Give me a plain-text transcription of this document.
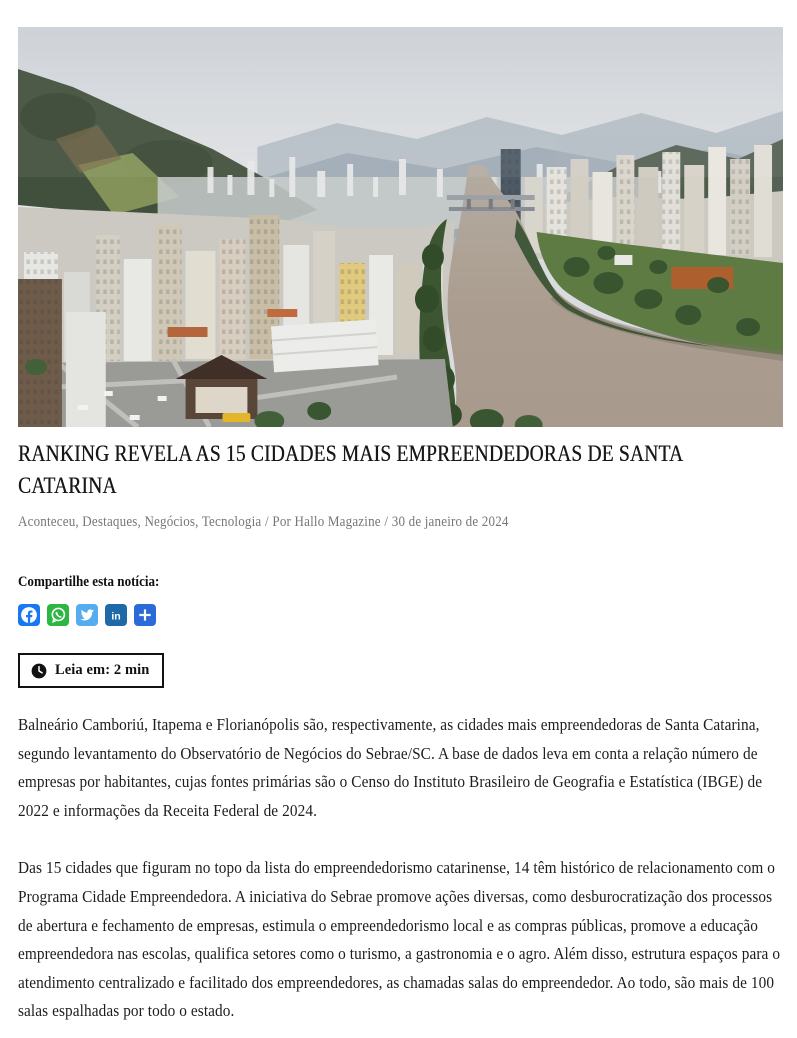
RANKING REVELA AS 15 CIDADES MAIS EMPREENDEDORAS DE SANTA CATARINA
Aconteceu, Destaques, Negócios, Tecnologia / Por Hallo Magazine / 30 de janeiro de 2024
Compartilhe esta notícia:
in
Leia em: 2 min

Balneário Camboriú, Itapema e Florianópolis são, respectivamente, as cidades mais empreendedoras de Santa Catarina, segundo levantamento do Observatório de Negócios do Sebrae/SC. A base de dados leva em conta a relação número de empresas por habitantes, cujas fontes primárias são o Censo do Instituto Brasileiro de Geografia e Estatística (IBGE) de 2022 e informações da Receita Federal de 2024.

Das 15 cidades que figuram no topo da lista do empreendedorismo catarinense, 14 têm histórico de relacionamento com o Programa Cidade Empreendedora. A iniciativa do Sebrae promove ações diversas, como desburocratização dos processos de abertura e fechamento de empresas, estimula o empreendedorismo local e as compras públicas, promove a educação empreendedora nas escolas, qualifica setores como o turismo, a gastronomia e o agro. Além disso, estrutura espaços para o atendimento centralizado e facilitado dos empreendedores, as chamadas salas do empreendedor. Ao todo, são mais de 100 salas espalhadas por todo o estado.
